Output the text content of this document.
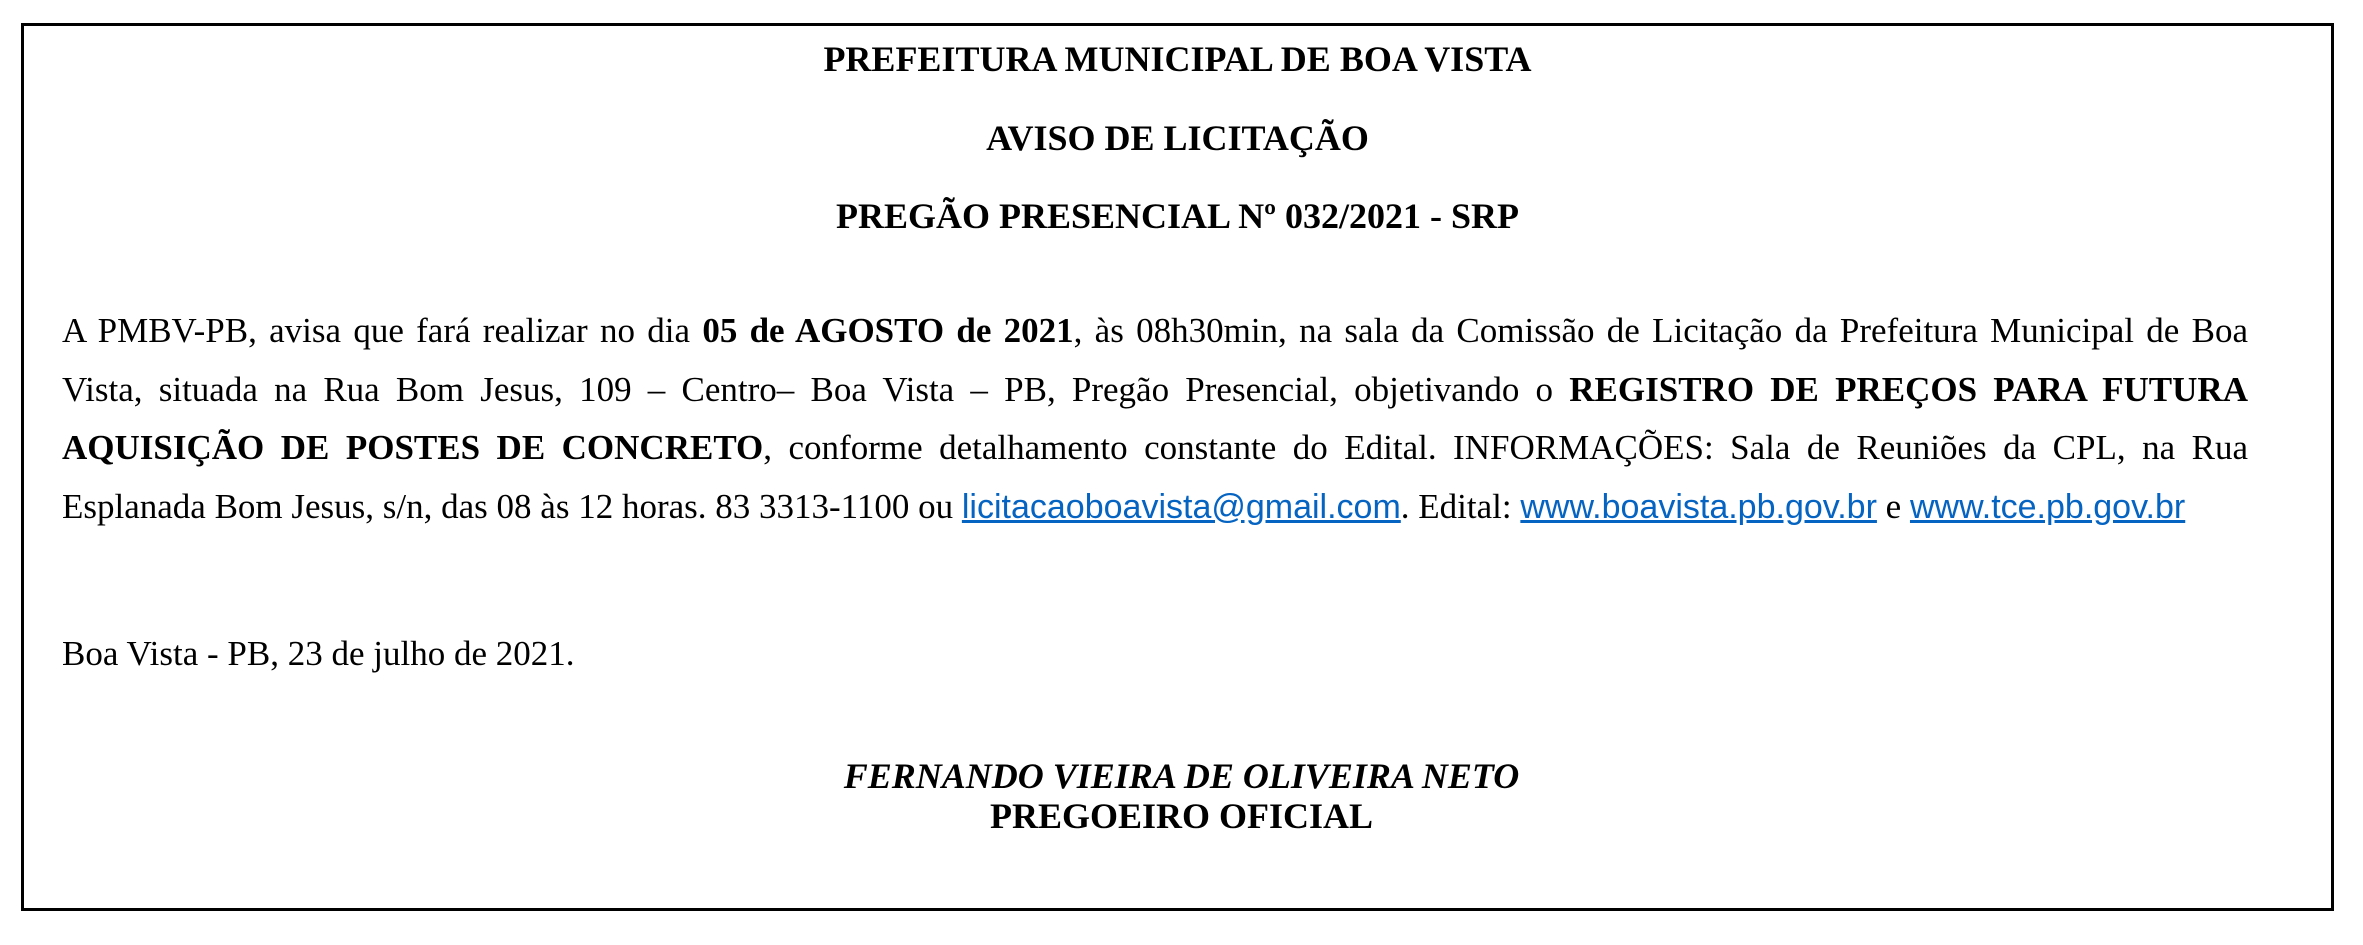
PREFEITURA MUNICIPAL DE BOA VISTA

AVISO DE LICITAÇÃO

PREGÃO PRESENCIAL Nº 032/2021 - SRP

A PMBV-PB, avisa que fará realizar no dia 05 de AGOSTO de 2021, às 08h30min, na sala da Comissão de Licitação da Prefeitura Municipal de Boa Vista, situada na Rua Bom Jesus, 109 – Centro– Boa Vista – PB, Pregão Presencial, objetivando o REGISTRO DE PREÇOS PARA FUTURA AQUISIÇÃO DE POSTES DE CONCRETO, conforme detalhamento constante do Edital. INFORMAÇÕES: Sala de Reuniões da CPL, na Rua Esplanada Bom Jesus, s/n, das 08 às 12 horas. 83 3313-1100 ou licitacaoboavista@gmail.com. Edital: www.boavista.pb.gov.br e www.tce.pb.gov.br

Boa Vista - PB, 23 de julho de 2021.

FERNANDO VIEIRA DE OLIVEIRA NETO

PREGOEIRO OFICIAL
